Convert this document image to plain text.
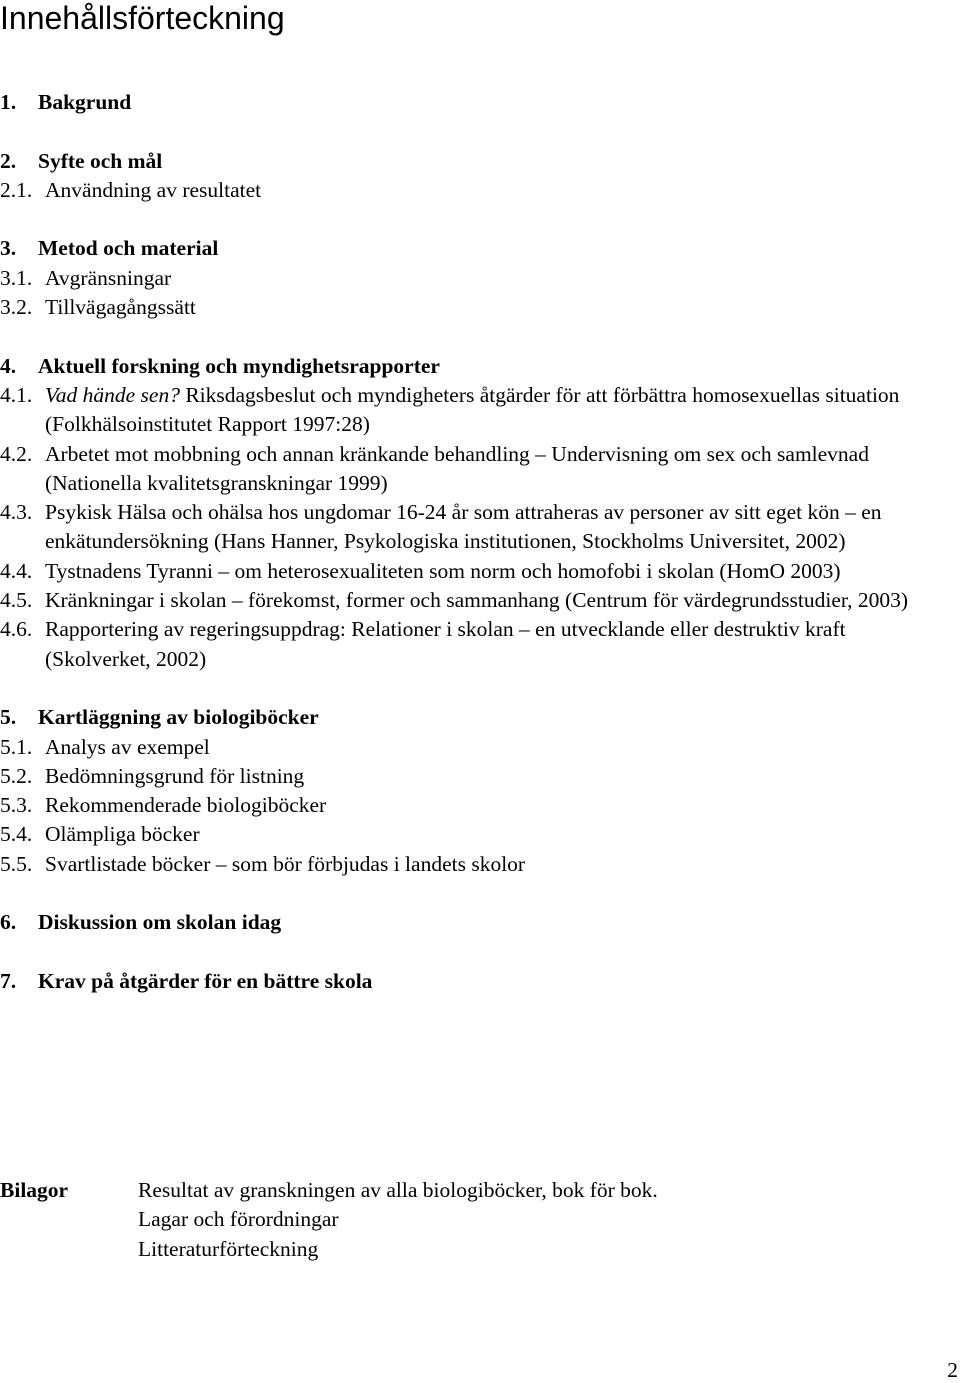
Innehållsförteckning
1.	Bakgrund
2.	Syfte och mål
2.1. Användning av resultatet
3.	Metod och material
3.1. Avgränsningar
3.2. Tillvägagångssätt
4.	Aktuell forskning och myndighetsrapporter
4.1. Vad hände sen? Riksdagsbeslut och myndigheters åtgärder för att förbättra homosexuellas situation (Folkhälsoinstitutet Rapport 1997:28)
4.2. Arbetet mot mobbning och annan kränkande behandling – Undervisning om sex och samlevnad (Nationella kvalitetsgranskningar 1999)
4.3. Psykisk Hälsa och ohälsa hos ungdomar 16-24 år som attraheras av personer av sitt eget kön – en enkätundersökning (Hans Hanner, Psykologiska institutionen, Stockholms Universitet, 2002)
4.4. Tystnadens Tyranni – om heterosexualiteten som norm och homofobi i skolan (HomO 2003)
4.5. Kränkningar i skolan – förekomst, former och sammanhang (Centrum för värdegrundsstudier, 2003)
4.6. Rapportering av regeringsuppdrag: Relationer i skolan – en utvecklande eller destruktiv kraft (Skolverket, 2002)
5.	Kartläggning av biologiböcker
5.1. Analys av exempel
5.2. Bedömningsgrund för listning
5.3. Rekommenderade biologiböcker
5.4. Olämpliga böcker
5.5. Svartlistade böcker – som bör förbjudas i landets skolor
6.	Diskussion om skolan idag
7.	Krav på åtgärder för en bättre skola
Bilagor	Resultat av granskningen av alla biologiböcker, bok för bok.
Lagar och förordningar
Litteraturförteckning
2
